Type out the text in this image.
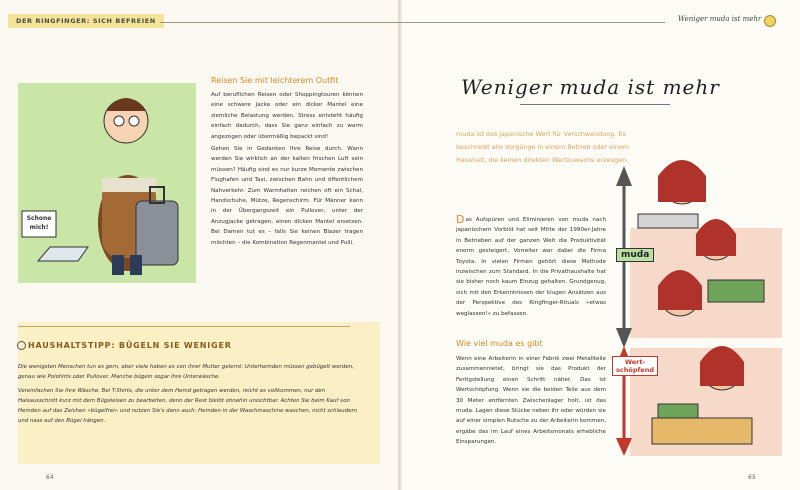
DER RINGFINGER: SICH BEFREIEN	Weniger muda ist mehr
Schone mich!
Reisen Sie mit leichterem Outfit

Auf beruflichen Reisen oder Shoppingtouren können eine schwere Jacke oder ein dicker Mantel eine ziemliche Belastung werden. Stress entsteht häufig einfach dadurch, dass Sie ganz einfach zu warm angezogen oder übermäßig bepackt sind!

Gehen Sie in Gedanken Ihre Reise durch. Wann werden Sie wirklich an der kalten frischen Luft sein müssen? Häufig sind es nur kurze Momente zwischen Flughafen und Taxi, zwischen Bahn und öffentlichem Nahverkehr. Zum Warmhalten reichen oft ein Schal, Handschuhe, Mütze, Regenschirm. Für Männer kann in der Übergangszeit ein Pullover, unter der Anzugjacke getragen, einen dicken Mantel ersetzen. Bei Damen tut es – falls Sie keinen Blazer tragen möchten – die Kombination Regenmantel und Pulli.

HAUSHALTSTIPP: BÜGELN SIE WENIGER

Die wenigsten Menschen tun es gern, aber viele haben es von ihrer Mutter gelernt: Unterhemden müssen gebügelt werden, genau wie Polohirts oder Pullover. Manche bügeln sogar ihre Unterwäsche.

Vereinfachen Sie Ihre Wäsche. Bei T-Shirts, die unter dem Hemd getragen werden, reicht es vollkommen, nur den Halsausschnitt kurz mit dem Bügeleisen zu bearbeiten, denn der Rest bleibt ohnehin unsichtbar. Achten Sie beim Kauf von Hemden auf das Zeichen »bügelfrei« und nutzen Sie's dann auch: Hemden in der Waschmaschine waschen, nicht schleudern und nass auf den Bügel hängen.

64
Weniger muda ist mehr
muda ist das japanische Wort für Verschwendung. Es beschreibt alle Vorgänge in einem Betrieb oder einem Haushalt, die keinen direkten Wertzuwachs erzeugen.

Das Aufspüren und Eliminieren von muda nach japanischem Vorbild hat seit Mitte der 1990er-Jahre in Betrieben auf der ganzen Welt die Produktivität enorm gesteigert. Vorreiter war dabei die Firma Toyota. In vielen Firmen gehört diese Methode inzwischen zum Standard. In die Privathaushalte hat sie bisher noch kaum Einzug gehalten. Grundgenug, sich mit den Erkenntnissen der klugen Ansätzen aus der Perspektive des Ringfinger-Rituals »etwas weglassen!« zu befassen.

Wie viel muda es gibt

Wenn eine Arbeiterin in einer Fabrik zwei Metallteile zusammennietet, bringt sie das Produkt der Fertigstellung einen Schritt näher. Das ist Wertschöpfung. Wenn sie die beiden Teile aus dem 30 Meter entfernten Zwischenlager holt, ist das muda. Lagen diese Stücke neben ihr oder würden sie auf einer simplen Rutsche zu der Arbeiterin kommen, ergäbe das im Lauf eines Arbeitsmonats erhebliche Einsparungen.

muda
Wert-schöpfend
65
